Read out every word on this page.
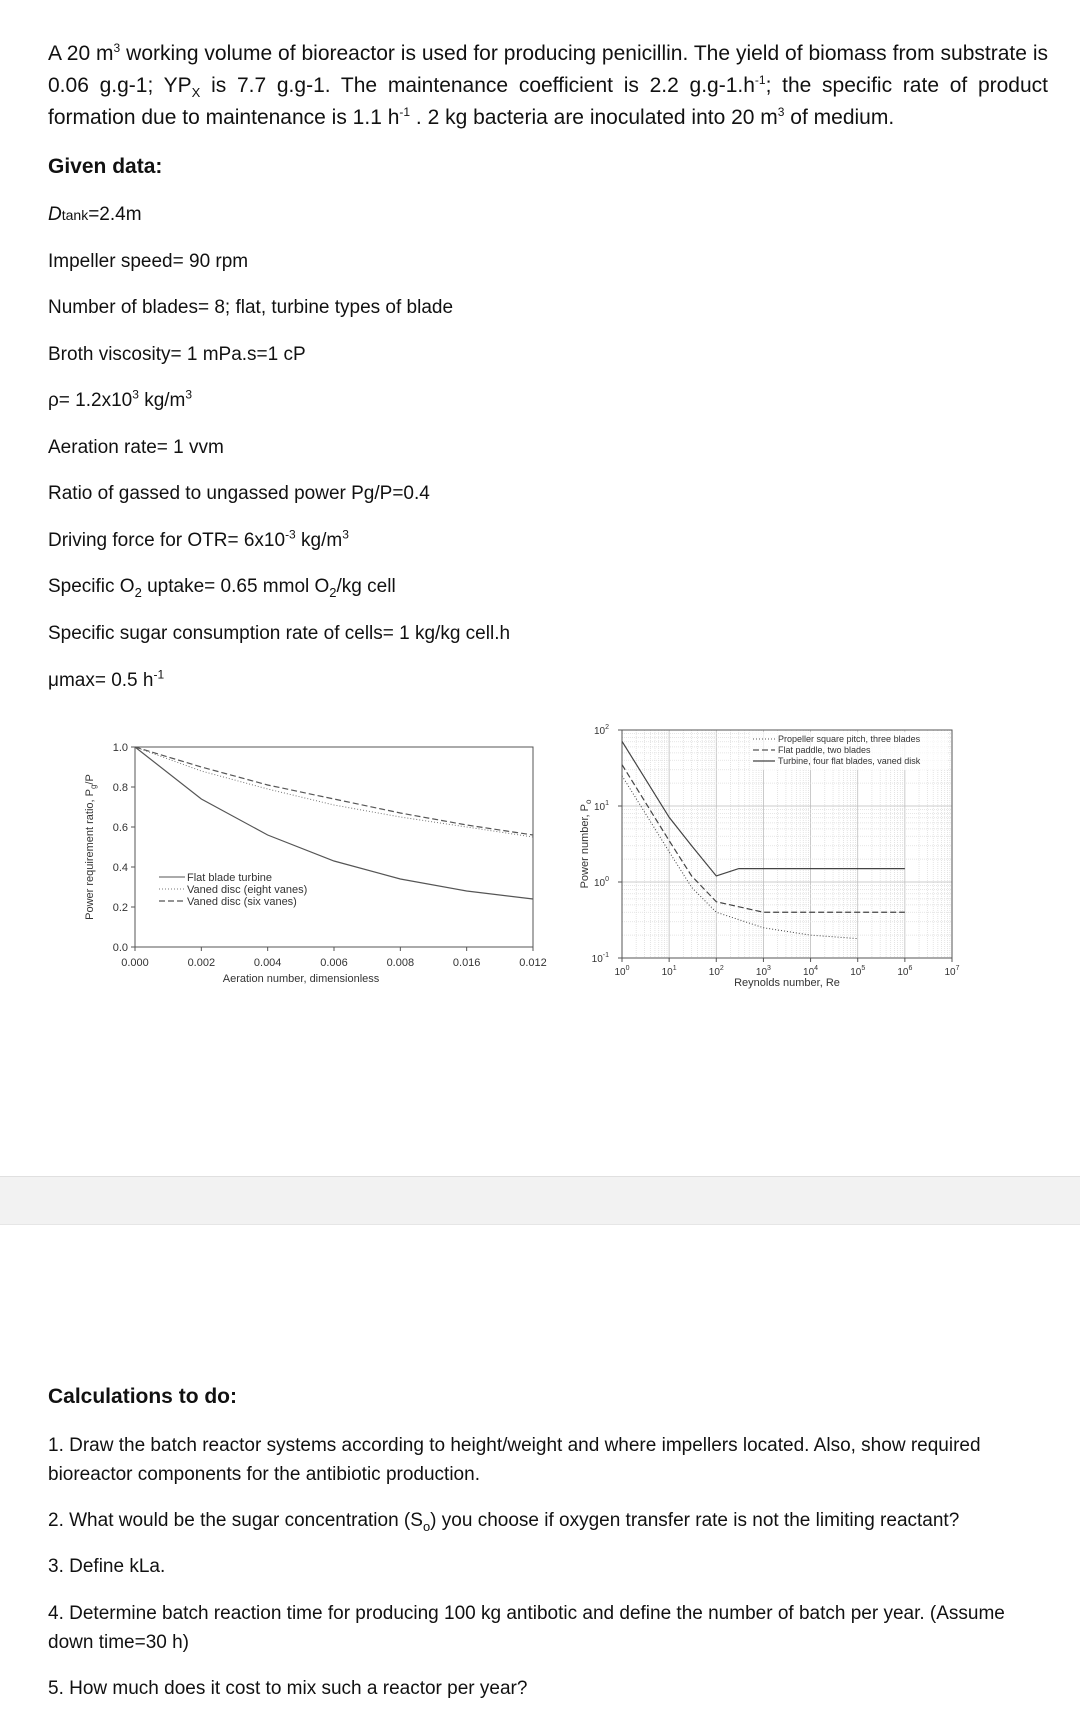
A 20 $m^3$ working volume of bioreactor is used for producing penicillin. The yield of biomass from substrate is 0.06 g.g-1; $YP_X$ is 7.7 g.g-1. The maintenance coefficient is 2.2 $g.g-1.h^{-1}$; the specific rate of product formation due to maintenance is 1.1 $h^{-1}$ . 2 kg bacteria are inoculated into 20 $m^3$ of medium.
Given data:
Dtank=2.4m
Impeller speed= 90 rpm
Number of blades= 8; flat, turbine types of blade
Broth viscosity= 1 mPa.s=1 cP
$\rho= 1.2x10^3$ $kg/m^3$
Aeration rate= 1 vvm
Ratio of gassed to ungassed power Pg/P=0.4
Driving force for $OTR= 6x10^{-3}$ $kg/m^3$
Specific $O_2$ uptake= 0.65 mmol $O_2/kg$ cell
Specific sugar consumption rate of cells= 1 kg/kg cell.h
μmax= 0.5 $h^{-1}$
0.000	0.002	0.004	0.006	0.008	0.016	0.012
0.0
0.2
0.4
0.6
0.8
1.0
Flat blade turbine
Vaned disc (eight vanes)
Vaned disc (six vanes)
Aeration number, dimensionless
Power requirement ratio, $P_g/P$
$10^0$	$10^1$	$10^2$	$10^3$	$10^4$	$10^5$	$10^6$	$10^7$
$10^{-1}$
$10^0$
$10^1$
$10^2$
Propeller square pitch, three blades
Flat paddle, two blades
Turbine, four flat blades, vaned disk
Reynolds number, Re
Power number, $P_o$
Calculations to do:
1. Draw the batch reactor systems according to height/weight and where impellers located. Also, show required bioreactor components for the antibiotic production.
2. What would be the sugar concentration $(S_o)$ you choose if oxygen transfer rate is not the limiting reactant?
3. Define kLa.
4. Determine batch reaction time for producing 100 kg antibotic and define the number of batch per year. (Assume down time=30 h)
5. How much does it cost to mix such a reactor per year?
